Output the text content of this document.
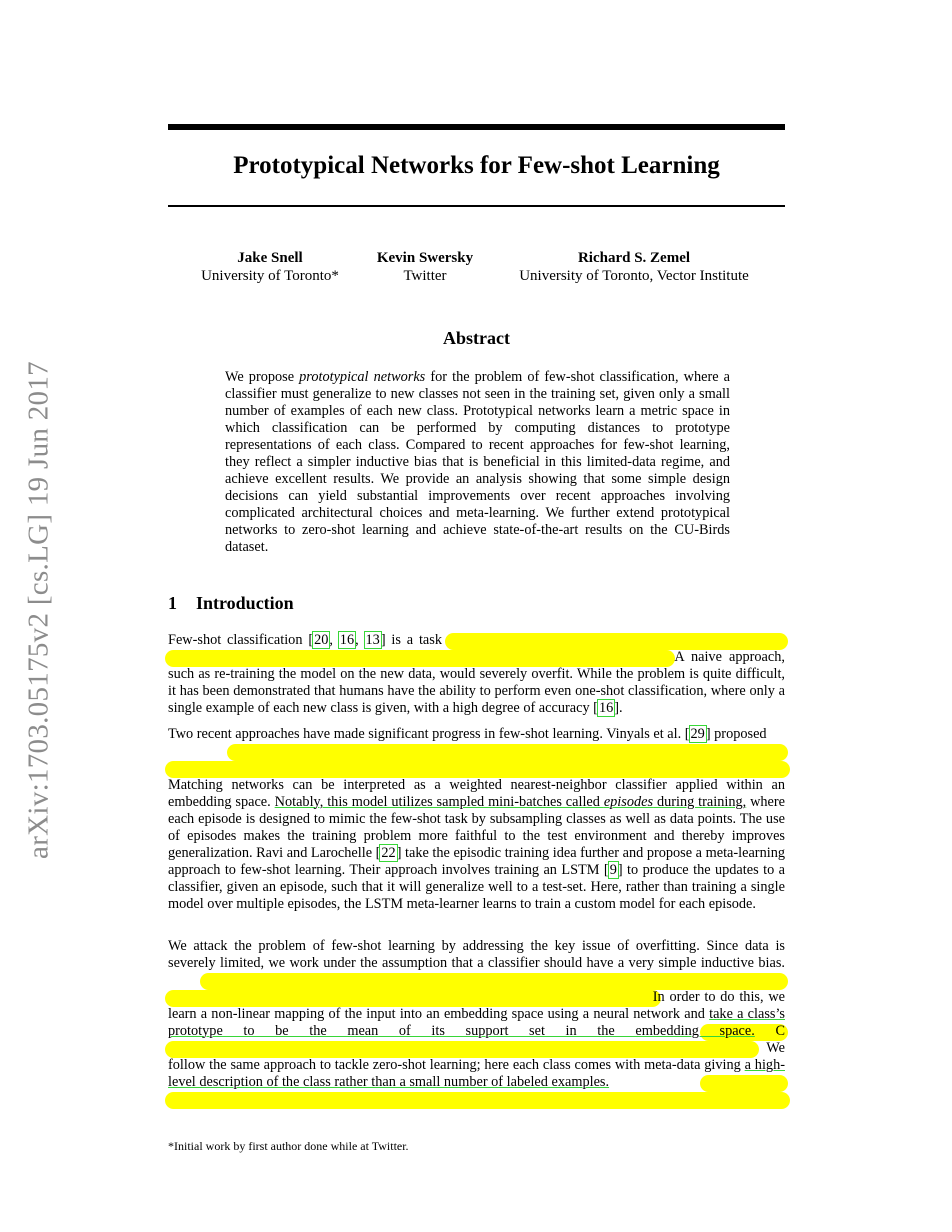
arXiv:1703.05175v2 [cs.LG] 19 Jun 2017
Prototypical Networks for Few-shot Learning
Jake Snell
University of Toronto*
Kevin Swersky
Twitter
Richard S. Zemel
University of Toronto, Vector Institute
Abstract

We propose prototypical networks for the problem of few-shot classification, where a classifier must generalize to new classes not seen in the training set, given only a small number of examples of each new class. Prototypical networks learn a metric space in which classification can be performed by computing distances to prototype representations of each class. Compared to recent approaches for few-shot learning, they reflect a simpler inductive bias that is beneficial in this limited-data regime, and achieve excellent results. We provide an analysis showing that some simple design decisions can yield substantial improvements over recent approaches involving complicated architectural choices and meta-learning. We further extend prototypical networks to zero-shot learning and achieve state-of-the-art results on the CU-Birds dataset.

1 Introduction

Few-shot classification [20, 16, 13] is a task  A naive approach, such as re-training the model on the new data, would severely overfit. While the problem is quite difficult, it has been demonstrated that humans have the ability to perform even one-shot classification, where only a single example of each new class is given, with a high degree of accuracy [16].

Two recent approaches have made significant progress in few-shot learning. Vinyals et al. [29] proposed

Matching networks can be interpreted as a weighted nearest-neighbor classifier applied within an embedding space. Notably, this model utilizes sampled mini-batches called episodes during training, where each episode is designed to mimic the few-shot task by subsampling classes as well as data points. The use of episodes makes the training problem more faithful to the test environment and thereby improves generalization. Ravi and Larochelle [22] take the episodic training idea further and propose a meta-learning approach to few-shot learning. Their approach involves training an LSTM [9] to produce the updates to a classifier, given an episode, such that it will generalize well to a test-set. Here, rather than training a single model over multiple episodes, the LSTM meta-learner learns to train a custom model for each episode.

We attack the problem of few-shot learning by addressing the key issue of overfitting. Since data is severely limited, we work under the assumption that a classifier should have a very simple inductive bias.  In order to do this, we learn a non-linear mapping of the input into an embedding space using a neural network and take a class’s prototype to be the mean of its support set in the embedding space. C  We follow the same approach to tackle zero-shot learning; here each class comes with meta-data giving a high-level description of the class rather than a small number of labeled examples.

*Initial work by first author done while at Twitter.
